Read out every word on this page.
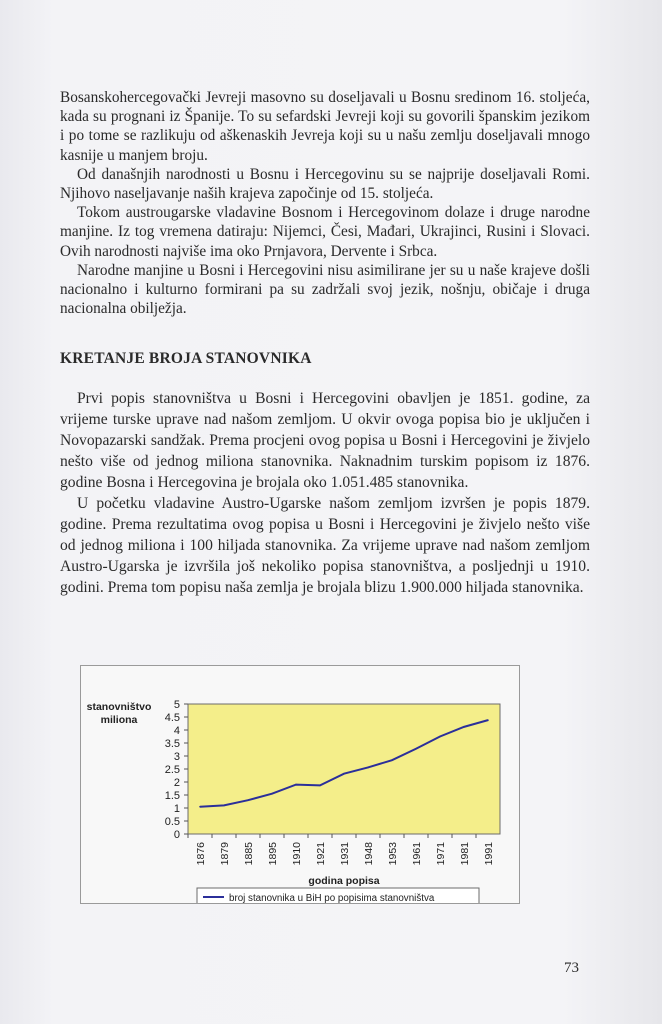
Bosanskohercegovački Jevreji masovno su doseljavali u Bosnu sredinom 16. stoljeća, kada su prognani iz Španije. To su sefardski Jevreji koji su govorili španskim jezikom i po tome se razlikuju od aškenaskih Jevreja koji su u našu zemlju doseljavali mnogo kasnije u manjem broju.

Od današnjih narodnosti u Bosnu i Hercegovinu su se najprije doseljavali Romi. Njihovo naseljavanje naših krajeva započinje od 15. stoljeća.

Tokom austrougarske vladavine Bosnom i Hercegovinom dolaze i druge narodne manjine. Iz tog vremena datiraju: Nijemci, Česi, Mađari, Ukrajinci, Rusini i Slovaci. Ovih narodnosti najviše ima oko Prnjavora, Dervente i Srbca.

Narodne manjine u Bosni i Hercegovini nisu asimilirane jer su u naše krajeve došli nacionalno i kulturno formirani pa su zadržali svoj jezik, nošnju, običaje i druga nacionalna obilježja.

KRETANJE BROJA STANOVNIKA

Prvi popis stanovništva u Bosni i Hercegovini obavljen je 1851. godine, za vrijeme turske uprave nad našom zemljom. U okvir ovoga popisa bio je uključen i Novopazarski sandžak. Prema procjeni ovog popisa u Bosni i Hercegovini je živjelo nešto više od jednog miliona stanovnika. Naknadnim turskim popisom iz 1876. godine Bosna i Hercegovina je brojala oko 1.051.485 stanovnika.

U početku vladavine Austro-Ugarske našom zemljom izvršen je popis 1879. godine. Prema rezultatima ovog popisa u Bosni i Hercegovini je živjelo nešto više od jednog miliona i 100 hiljada stanovnika. Za vrijeme uprave nad našom zemljom Austro-Ugarska je izvršila još nekoliko popisa stanovništva, a posljednji u 1910. godini. Prema tom popisu naša zemlja je brojala blizu 1.900.000 hiljada stanovnika.

0
0.5
1
1.5
2
2.5
3
3.5
4
4.5
5
stanovništvo
miliona
1876 1879 1885 1895 1910 1921 1931 1948 1953 1961 1971 1981 1991
godina popisa
broj stanovnika u BiH po popisima stanovništva
73
